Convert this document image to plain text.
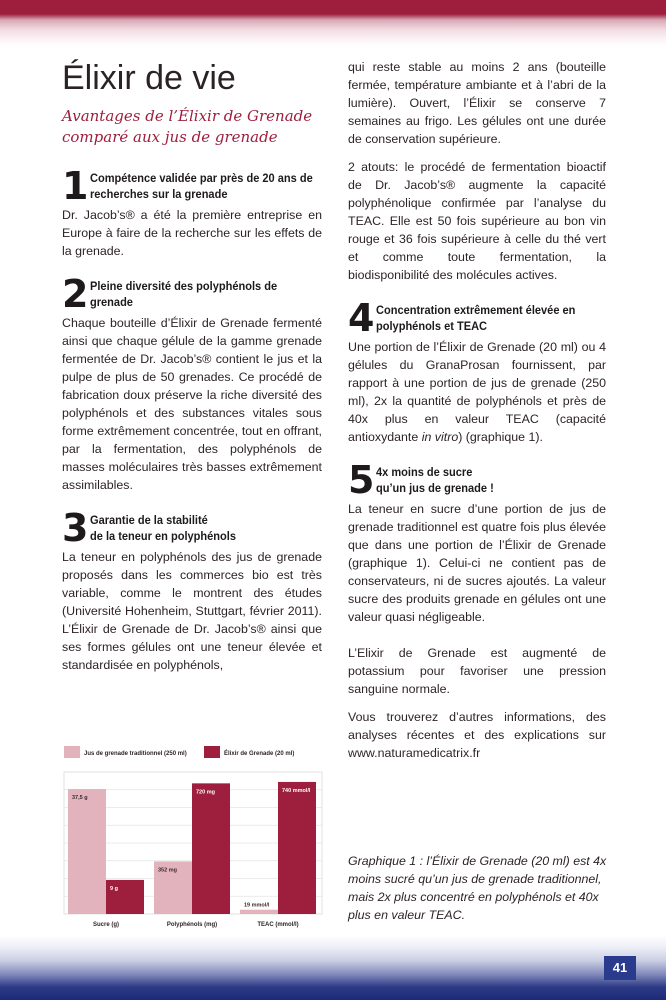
Élixir de vie
Avantages de l’Élixir de Grenade
comparé aux jus de grenade
1 Compétence validée par près de 20 ans de
recherches sur la grenade

Dr. Jacob’s® a été la première entreprise en Europe à faire de la recherche sur les effets de la grenade.

2 Pleine diversité des polyphénols de
grenade

Chaque bouteille d’Élixir de Grenade fermenté ainsi que chaque gélule de la gamme grenade fermentée de Dr. Jacob’s® contient le jus et la pulpe de plus de 50 grenades. Ce procédé de fabrication doux préserve la riche diversité des polyphénols et des substances vitales sous forme extrêmement concentrée, tout en offrant, par la fermentation, des polyphénols de masses moléculaires très basses extrêmement assimilables.

3 Garantie de la stabilité
de la teneur en polyphénols

La teneur en polyphénols des jus de grenade proposés dans les commerces bio est très variable, comme le montrent des études (Université Hohenheim, Stuttgart, février 2011). L’Élixir de Grenade de Dr. Jacob’s® ainsi que ses formes gélules ont une teneur élevée et standardisée en polyphénols,

Jus de grenade traditionnel (250 ml)	Élixir de Grenade (20 ml)
37,5 g
9 g
Sucre (g)
352 mg
720 mg
Polyphénols (mg)
19 mmol/l
740 mmol/l
TEAC (mmol/l)

qui reste stable au moins 2 ans (bouteille fermée, température ambiante et à l’abri de la lumière). Ouvert, l’Élixir se conserve 7 semaines au frigo. Les gélules ont une durée de conservation supérieure.

2 atouts: le procédé de fermentation bioactif de Dr. Jacob’s® augmente la capacité polyphénolique confirmée par l’analyse du TEAC. Elle est 50 fois supérieure au bon vin rouge et 36 fois supérieure à celle du thé vert et comme toute fermentation, la biodisponibilité des molécules actives.

4 Concentration extrêmement élevée en
polyphénols et TEAC

Une portion de l’Élixir de Grenade (20 ml) ou 4 gélules du GranaProsan fournissent, par rapport à une portion de jus de grenade (250 ml), 2x la quantité de polyphénols et près de 40x plus en valeur TEAC (capacité antioxydante in vitro) (graphique 1).

5 4x moins de sucre
qu’un jus de grenade !

La teneur en sucre d’une portion de jus de grenade traditionnel est quatre fois plus élevée que dans une portion de l’Élixir de Grenade (graphique 1). Celui-ci ne contient pas de conservateurs, ni de sucres ajoutés. La valeur sucre des produits grenade en gélules ont une valeur quasi négligeable.

L’Elixir de Grenade est augmenté de potassium pour favoriser une pression sanguine normale.

Vous trouverez d’autres informations, des analyses récentes et des explications sur www.naturamedicatrix.fr

Graphique 1 : l’Élixir de Grenade (20 ml) est 4x moins sucré qu’un jus de grenade traditionnel, mais 2x plus concentré en polyphénols et 40x plus en valeur TEAC.
41
